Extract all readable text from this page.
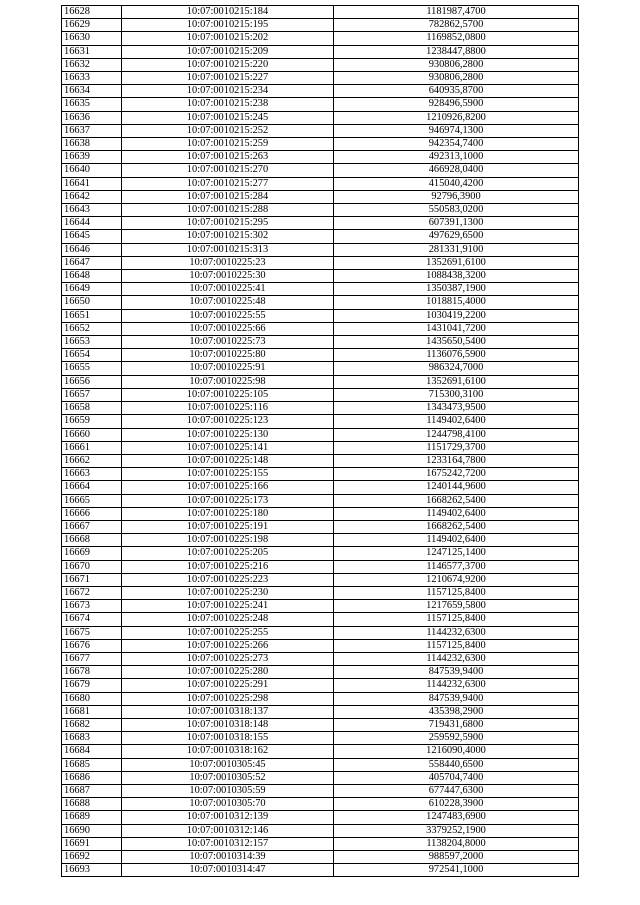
16628	10:07:0010215:184	1181987,4700
16629	10:07:0010215:195	782862,5700
16630	10:07:0010215:202	1169852,0800
16631	10:07:0010215:209	1238447,8800
16632	10:07:0010215:220	930806,2800
16633	10:07:0010215:227	930806,2800
16634	10:07:0010215:234	640935,8700
16635	10:07:0010215:238	928496,5900
16636	10:07:0010215:245	1210926,8200
16637	10:07:0010215:252	946974,1300
16638	10:07:0010215:259	942354,7400
16639	10:07:0010215:263	492313,1000
16640	10:07:0010215:270	466928,0400
16641	10:07:0010215:277	415040,4200
16642	10:07:0010215:284	92796,3900
16643	10:07:0010215:288	550583,0200
16644	10:07:0010215:295	607391,1300
16645	10:07:0010215:302	497629,6500
16646	10:07:0010215:313	281331,9100
16647	10:07:0010225:23	1352691,6100
16648	10:07:0010225:30	1088438,3200
16649	10:07:0010225:41	1350387,1900
16650	10:07:0010225:48	1018815,4000
16651	10:07:0010225:55	1030419,2200
16652	10:07:0010225:66	1431041,7200
16653	10:07:0010225:73	1435650,5400
16654	10:07:0010225:80	1136076,5900
16655	10:07:0010225:91	986324,7000
16656	10:07:0010225:98	1352691,6100
16657	10:07:0010225:105	715300,3100
16658	10:07:0010225:116	1343473,9500
16659	10:07:0010225:123	1149402,6400
16660	10:07:0010225:130	1244798,4100
16661	10:07:0010225:141	1151729,3700
16662	10:07:0010225:148	1233164,7800
16663	10:07:0010225:155	1675242,7200
16664	10:07:0010225:166	1240144,9600
16665	10:07:0010225:173	1668262,5400
16666	10:07:0010225:180	1149402,6400
16667	10:07:0010225:191	1668262,5400
16668	10:07:0010225:198	1149402,6400
16669	10:07:0010225:205	1247125,1400
16670	10:07:0010225:216	1146577,3700
16671	10:07:0010225:223	1210674,9200
16672	10:07:0010225:230	1157125,8400
16673	10:07:0010225:241	1217659,5800
16674	10:07:0010225:248	1157125,8400
16675	10:07:0010225:255	1144232,6300
16676	10:07:0010225:266	1157125,8400
16677	10:07:0010225:273	1144232,6300
16678	10:07:0010225:280	847539,9400
16679	10:07:0010225:291	1144232,6300
16680	10:07:0010225:298	847539,9400
16681	10:07:0010318:137	435398,2900
16682	10:07:0010318:148	719431,6800
16683	10:07:0010318:155	259592,5900
16684	10:07:0010318:162	1216090,4000
16685	10:07:0010305:45	558440,6500
16686	10:07:0010305:52	405704,7400
16687	10:07:0010305:59	677447,6300
16688	10:07:0010305:70	610228,3900
16689	10:07:0010312:139	1247483,6900
16690	10:07:0010312:146	3379252,1900
16691	10:07:0010312:157	1138204,8000
16692	10:07:0010314:39	988597,2000
16693	10:07:0010314:47	972541,1000
